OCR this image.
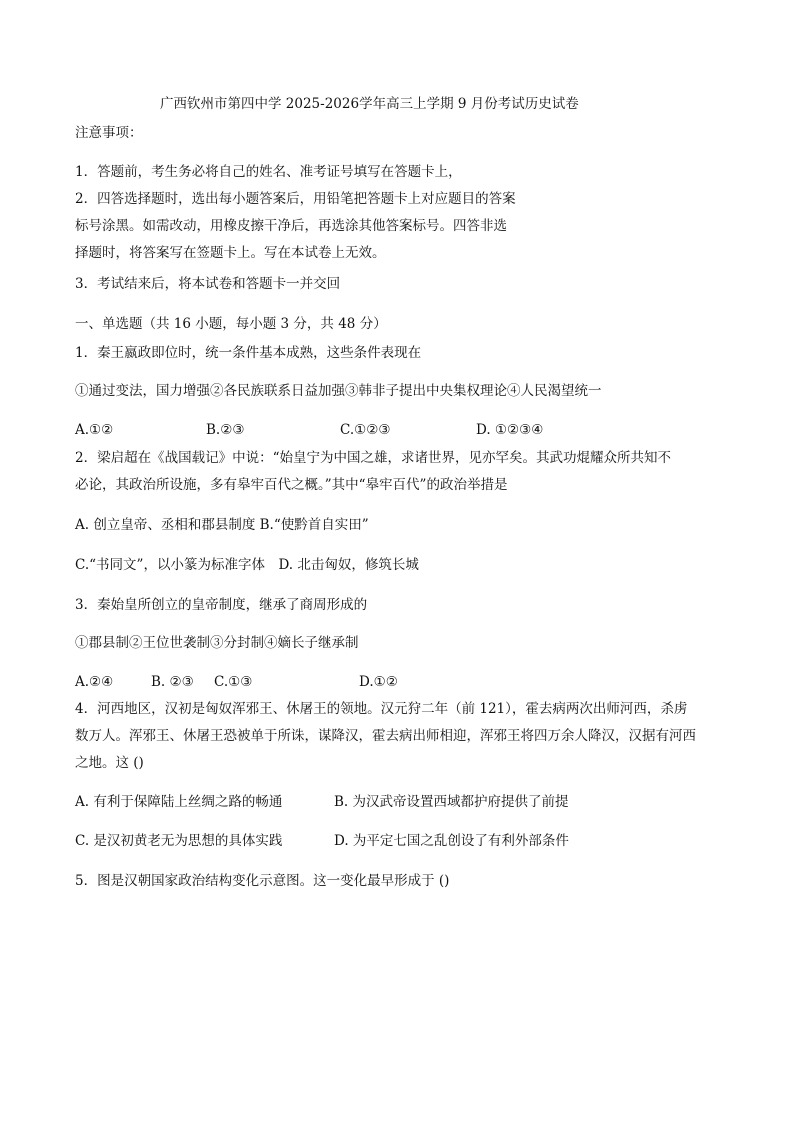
广西钦州市第四中学 2025-2026学年高三上学期 9 月份考试历史试卷
注意事项：
1．答题前，考生务必将自己的姓名、准考证号填写在答题卡上，
2．四答选择题时，选出每小题答案后，用铅笔把答题卡上对应题目的答案
标号涂黑。如需改动，用橡皮擦干净后，再选涂其他答案标号。四答非选
择题时，将答案写在签题卡上。写在本试卷上无效。
3．考试结来后，将本试卷和答题卡一并交回
一、单选题（共 16 小题，每小题 3 分，共 48 分）
1．秦王嬴政即位时，统一条件基本成熟，这些条件表现在
①通过变法，国力增强②各民族联系日益加强③韩非子提出中央集权理论④人民渴望统一
A.①②	B.②③	C.①②③	D. ①②③④
2．梁启超在《战国载记》中说：“始皇宁为中国之雄，求诸世界，见亦罕矣。其武功焜耀众所共知不
必论，其政治所设施，多有皋牢百代之概。”其中“皋牢百代”的政治举措是
A. 创立皇帝、丞相和郡县制度 B.“使黔首自实田”
C.“书同文”，以小篆为标准字体　D. 北击匈奴，修筑长城
3．秦始皇所创立的皇帝制度，继承了商周形成的
①郡县制②王位世袭制③分封制④嫡长子继承制
A.②④	B. ②③ C.①③	D.①②
4．河西地区，汉初是匈奴浑邪王、休屠王的领地。汉元狩二年（前 121），霍去病两次出师河西，杀虏
数万人。浑邪王、休屠王恐被单于所诛，谋降汉，霍去病出师相迎，浑邪王将四万余人降汉，汉据有河西
之地。这 ()
A. 有利于保障陆上丝绸之路的畅通	B. 为汉武帝设置西域都护府提供了前提
C. 是汉初黄老无为思想的具体实践	D. 为平定七国之乱创设了有利外部条件
5．图是汉朝国家政治结构变化示意图。这一变化最早形成于 ()
